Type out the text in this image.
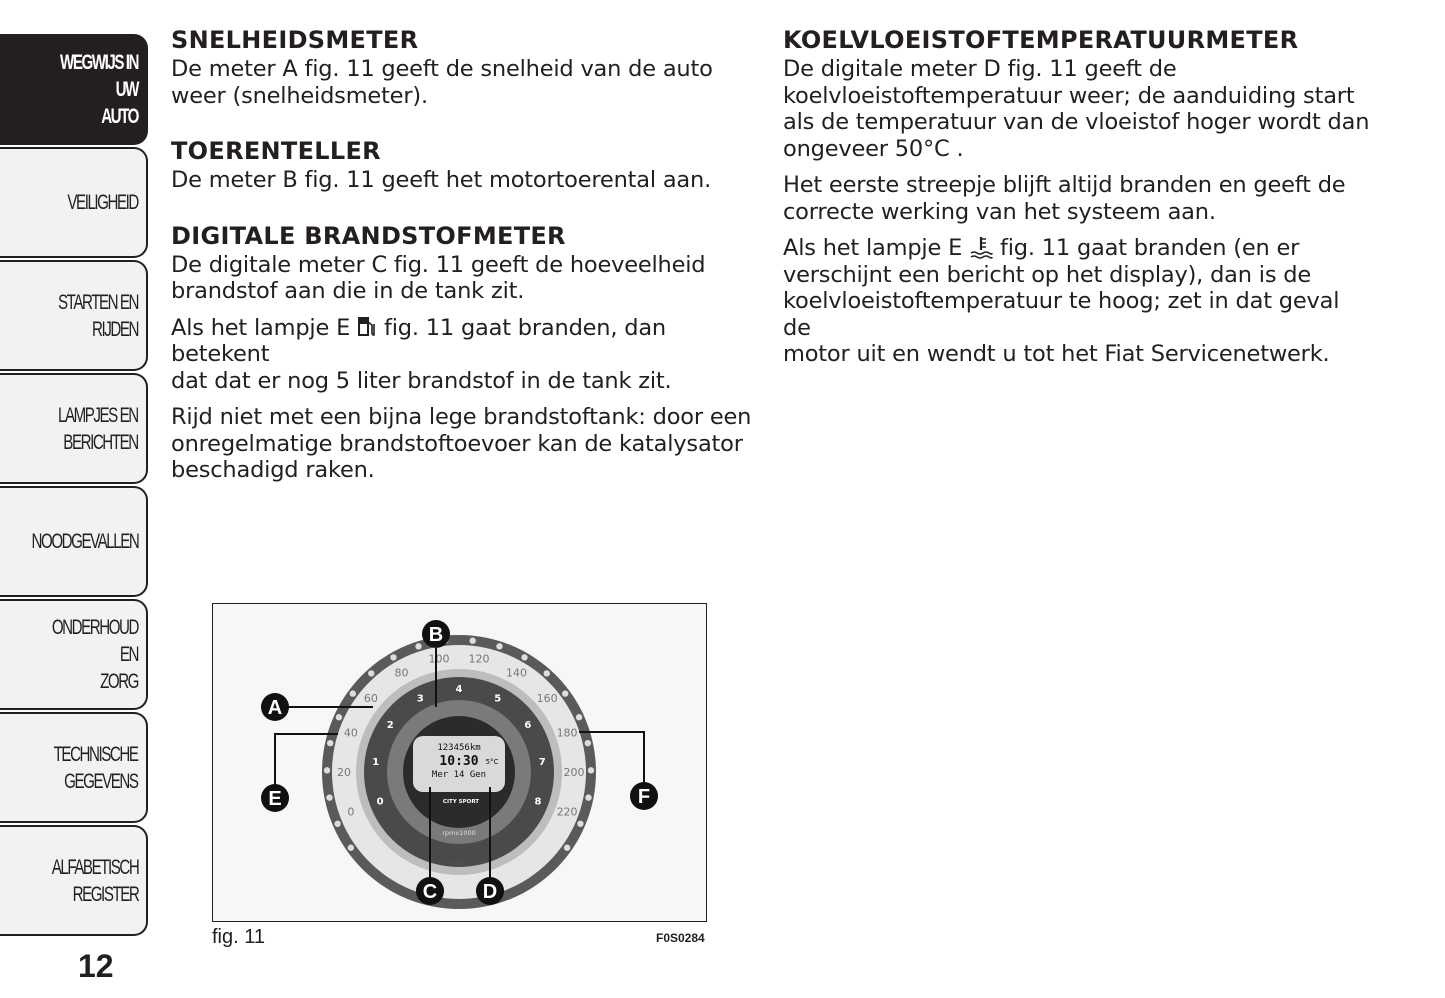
WEGWIJS IN UW
AUTO
VEILIGHEID
STARTEN EN RIJDEN
LAMPJES EN
BERICHTEN
NOODGEVALLEN
ONDERHOUD EN
ZORG
TECHNISCHE
GEGEVENS
ALFABETISCH
REGISTER
12
SNELHEIDSMETER

De meter A fig. 11 geeft de snelheid van de auto

weer (snelheidsmeter).

TOERENTELLER

De meter B fig. 11 geeft het motortoerental aan.

DIGITALE BRANDSTOFMETER

De digitale meter C fig. 11 geeft de hoeveelheid

brandstof aan die in de tank zit.

Als het lampje E  fig. 11 gaat branden, dan betekent

dat dat er nog 5 liter brandstof in de tank zit.

Rijd niet met een bijna lege brandstoftank: door een

onregelmatige brandstoftoevoer kan de katalysator

beschadigd raken.

KOELVLOEISTOFTEMPERATUURMETER

De digitale meter D fig. 11 geeft de

koelvloeistoftemperatuur weer; de aanduiding start

als de temperatuur van de vloeistof hoger wordt dan

ongeveer 50°C .

Het eerste streepje blijft altijd branden en geeft de

correcte werking van het systeem aan.

Als het lampje E  fig. 11 gaat branden (en er

verschijnt een bericht op het display), dan is de

koelvloeistoftemperatuur te hoog; zet in dat geval de

motor uit en wendt u tot het Fiat Servicenetwerk.

0
20
40
60
80
100 120
140
160
180
200
220
0
1
2
3
4
5
6
7
8
123456km
10:30 5°C
Mer 14 Gen
CITY SPORT
rpmx1000
km/h
A
B
C D
E	F
fig. 11	F0S0284
